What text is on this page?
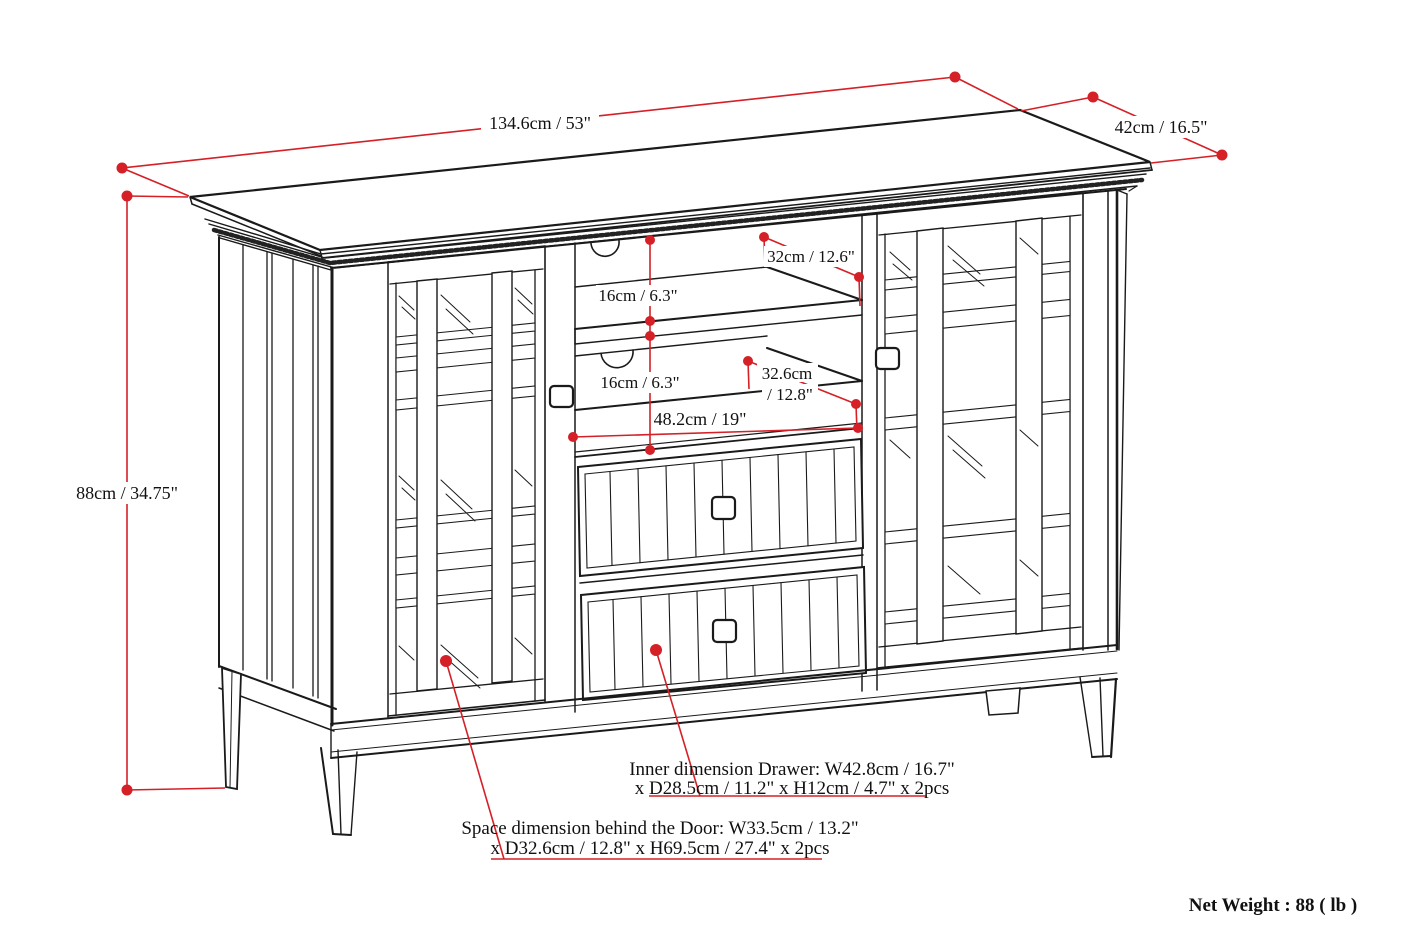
134.6cm / 53"	42cm / 16.5"
88cm / 34.75"
32cm / 12.6"
16cm / 6.3"
16cm / 6.3"	32.6cm
/ 12.8"
48.2cm / 19"
Inner dimension Drawer: W42.8cm / 16.7"
x D28.5cm / 11.2" x H12cm / 4.7" x 2pcs
Space dimension behind the Door: W33.5cm / 13.2"
x D32.6cm / 12.8" x H69.5cm / 27.4" x 2pcs
Net Weight : 88 ( lb )
